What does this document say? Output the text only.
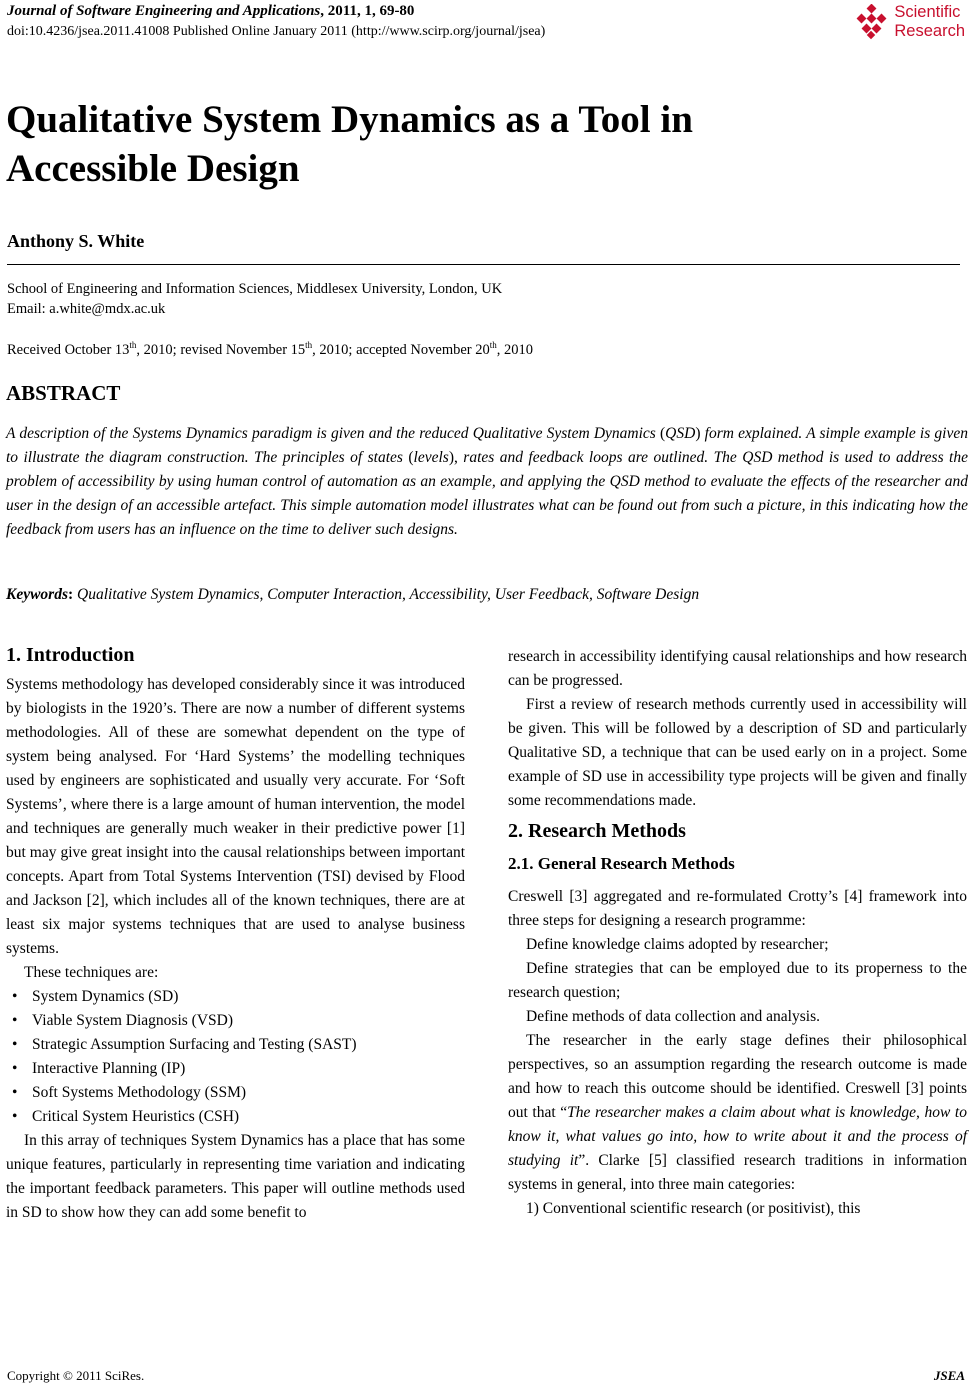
Journal of Software Engineering and Applications, 2011, 1, 69-80
doi:10.4236/jsea.2011.41008 Published Online January 2011 (http://www.scirp.org/journal/jsea)
Scientific
Research
Qualitative System Dynamics as a Tool in
Accessible Design
Anthony S. White
School of Engineering and Information Sciences, Middlesex University, London, UK
Email: a.white@mdx.ac.uk
Received October 13th, 2010; revised November 15th, 2010; accepted November 20th, 2010
ABSTRACT
A description of the Systems Dynamics paradigm is given and the reduced Qualitative System Dynamics (QSD) form explained. A simple example is given to illustrate the diagram construction. The principles of states (levels), rates and feedback loops are outlined. The QSD method is used to address the problem of accessibility by using human control of automation as an example, and applying the QSD method to evaluate the effects of the researcher and user in the design of an accessible artefact. This simple automation model illustrates what can be found out from such a picture, in this indicating how the feedback from users has an influence on the time to deliver such designs.
Keywords: Qualitative System Dynamics, Computer Interaction, Accessibility, User Feedback, Software Design
1. Introduction

Systems methodology has developed considerably since it was introduced by biologists in the 1920’s. There are now a number of different systems methodologies. All of these are somewhat dependent on the type of system being analysed. For ‘Hard Systems’ the modelling techniques used by engineers are sophisticated and usually very accurate. For ‘Soft Systems’, where there is a large amount of human intervention, the model and techniques are generally much weaker in their predictive power [1] but may give great insight into the causal relationships between important concepts. Apart from Total Systems Intervention (TSI) devised by Flood and Jackson [2], which includes all of the known techniques, there are at least six major systems techniques that are used to analyse business systems.

These techniques are:

• System Dynamics (SD)
• Viable System Diagnosis (VSD)
• Strategic Assumption Surfacing and Testing (SAST)
• Interactive Planning (IP)
• Soft Systems Methodology (SSM)
• Critical System Heuristics (CSH)

In this array of techniques System Dynamics has a place that has some unique features, particularly in representing time variation and indicating the important feedback parameters. This paper will outline methods used in SD to show how they can add some benefit to

research in accessibility identifying causal relationships and how research can be progressed.

First a review of research methods currently used in accessibility will be given. This will be followed by a description of SD and particularly Qualitative SD, a technique that can be used early on in a project. Some example of SD use in accessibility type projects will be given and finally some recommendations made.

2. Research Methods
2.1. General Research Methods

Creswell [3] aggregated and re-formulated Crotty’s [4] framework into three steps for designing a research programme:

Define knowledge claims adopted by researcher;

Define strategies that can be employed due to its properness to the research question;

Define methods of data collection and analysis.

The researcher in the early stage defines their philosophical perspectives, so an assumption regarding the research outcome is made and how to reach this outcome should be identified. Creswell [3] points out that “The researcher makes a claim about what is knowledge, how to know it, what values go into, how to write about it and the process of studying it”. Clarke [5] classified research traditions in information systems in general, into three main categories:

1) Conventional scientific research (or positivist), this

Copyright © 2011 SciRes.	JSEA
